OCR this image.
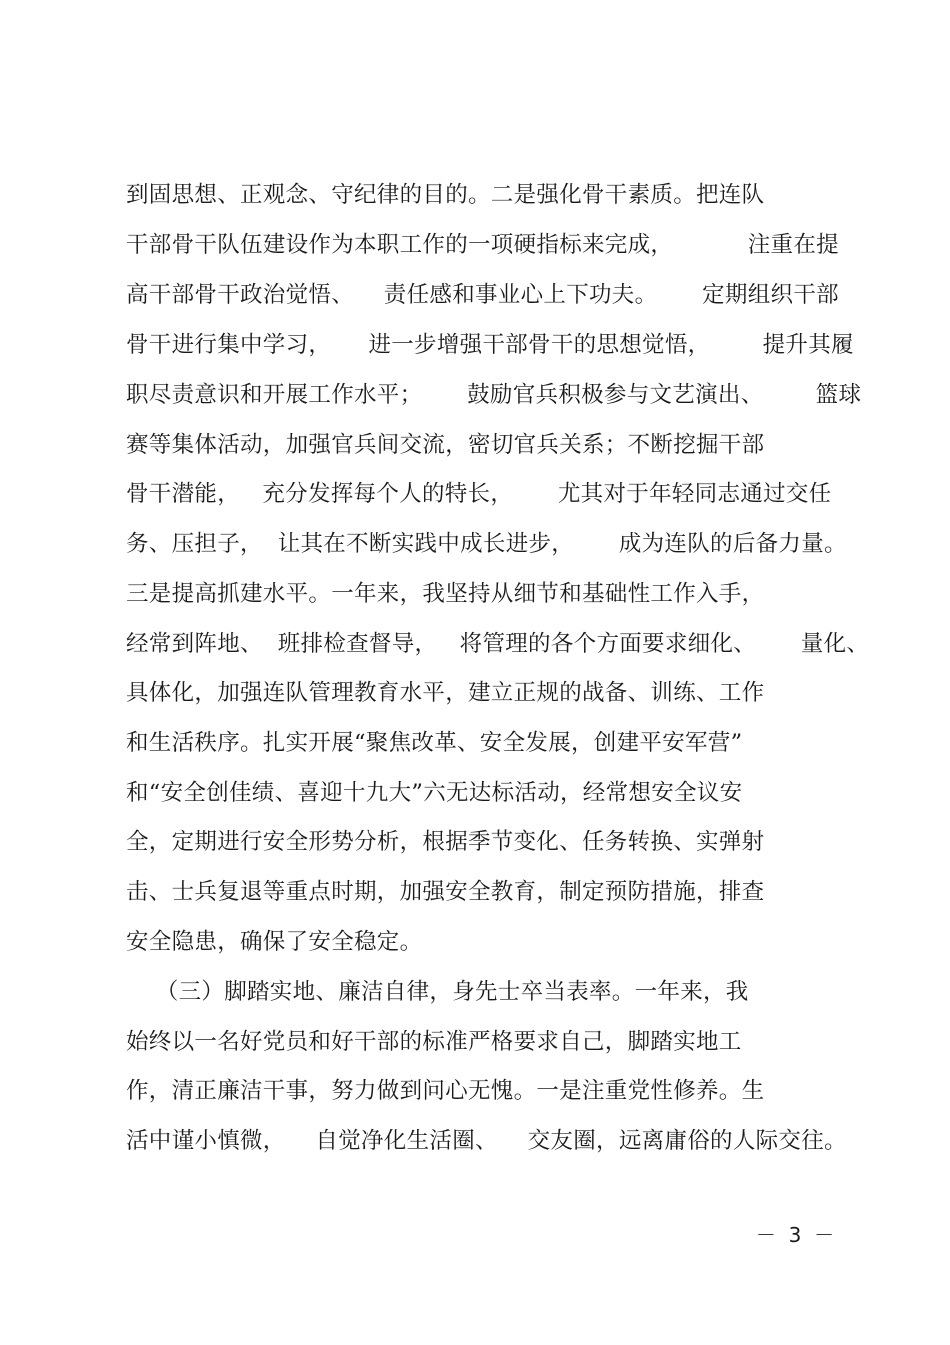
到固思想、正观念、守纪律的目的。二是强化骨干素质。把连队
干部骨干队伍建设作为本职工作的一项硬指标来完成，          注重在提
高干部骨干政治觉悟、    责任感和事业心上下功夫。      定期组织干部
骨干进行集中学习，     进一步增强干部骨干的思想觉悟，       提升其履
职尽责意识和开展工作水平；      鼓励官兵积极参与文艺演出、       篮球
赛等集体活动，加强官兵间交流，密切官兵关系；不断挖掘干部
骨干潜能，   充分发挥每个人的特长，      尤其对于年轻同志通过交任
务、压担子，  让其在不断实践中成长进步，      成为连队的后备力量。
三是提高抓建水平。一年来，我坚持从细节和基础性工作入手，
经常到阵地、  班排检查督导，   将管理的各个方面要求细化、      量化、
具体化，加强连队管理教育水平，建立正规的战备、训练、工作
和生活秩序。扎实开展“聚焦改革、安全发展，创建平安军营”
和“安全创佳绩、喜迎十九大”六无达标活动，经常想安全议安
全，定期进行安全形势分析，根据季节变化、任务转换、实弹射
击、士兵复退等重点时期，加强安全教育，制定预防措施，排查
安全隐患，确保了安全稳定。
（三）脚踏实地、廉洁自律，身先士卒当表率。一年来，我
始终以一名好党员和好干部的标准严格要求自己，脚踏实地工
作，清正廉洁干事，努力做到问心无愧。一是注重党性修养。生
活中谨小慎微，    自觉净化生活圈、    交友圈，远离庸俗的人际交往。
－  3  －
